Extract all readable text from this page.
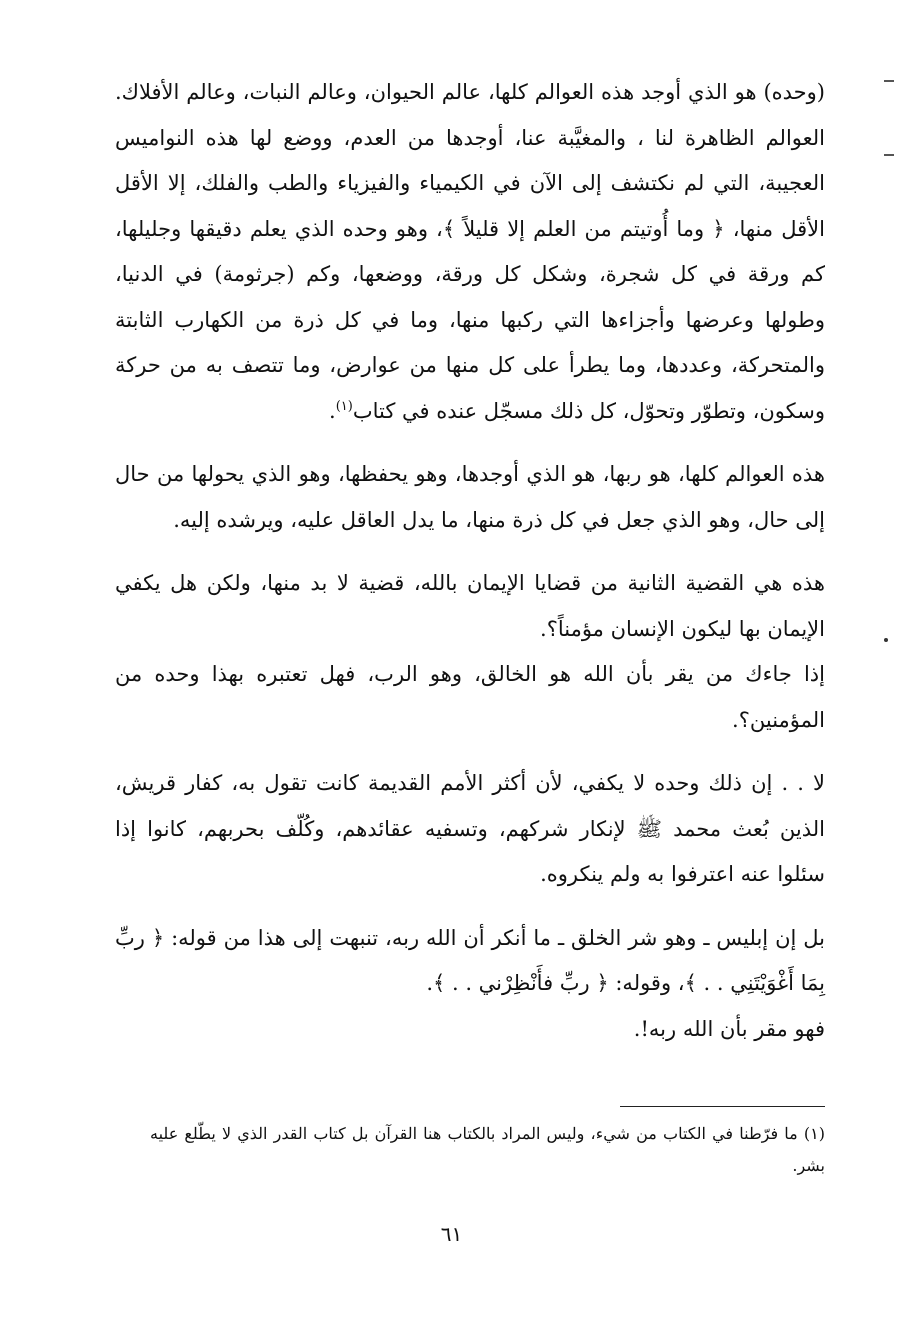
(وحده) هو الذي أوجد هذه العوالم كلها، عالم الحيوان، وعالم النبات، وعالم الأفلاك. العوالم الظاهرة لنا ، والمغيَّبة عنا، أوجدها من العدم، ووضع لها هذه النواميس العجيبة، التي لم نكتشف إلى الآن في الكيمياء والفيزياء والطب والفلك، إلا الأقل الأقل منها، ﴿ وما أُوتيتم من العلم إلا قليلاً ﴾، وهو وحده الذي يعلم دقيقها وجليلها، كم ورقة في كل شجرة، وشكل كل ورقة، ووضعها، وكم (جرثومة) في الدنيا، وطولها وعرضها وأجزاءها التي ركبها منها، وما في كل ذرة من الكهارب الثابتة والمتحركة، وعددها، وما يطرأ على كل منها من عوارض، وما تتصف به من حركة وسكون، وتطوّر وتحوّل، كل ذلك مسجّل عنده في كتاب$^{(١)}$.

هذه العوالم كلها، هو ربها، هو الذي أوجدها، وهو يحفظها، وهو الذي يحولها من حال إلى حال، وهو الذي جعل في كل ذرة منها، ما يدل العاقل عليه، ويرشده إليه.

هذه هي القضية الثانية من قضايا الإيمان بالله، قضية لا بد منها، ولكن هل يكفي الإيمان بها ليكون الإنسان مؤمناً؟.

إذا جاءك من يقر بأن الله هو الخالق، وهو الرب، فهل تعتبره بهذا وحده من المؤمنين؟.

لا . . إن ذلك وحده لا يكفي، لأن أكثر الأمم القديمة كانت تقول به، كفار قريش، الذين بُعث محمد ﷺ لإنكار شركهم، وتسفيه عقائدهم، وكُلّف بحربهم، كانوا إذا سئلوا عنه اعترفوا به ولم ينكروه.

بل إن إبليس ـ وهو شر الخلق ـ ما أنكر أن الله ربه، تنبهت إلى هذا من قوله: ﴿ ربِّ بِمَا أَغْوَيْتَنِي . . ﴾، وقوله: ﴿ ربِّ فأَنْظِرْني . . ﴾.

فهو مقر بأن الله ربه!.

(١) ما فرّطنا في الكتاب من شيء، وليس المراد بالكتاب هنا القرآن بل كتاب القدر الذي لا يطّلع عليه بشر.
٦١
